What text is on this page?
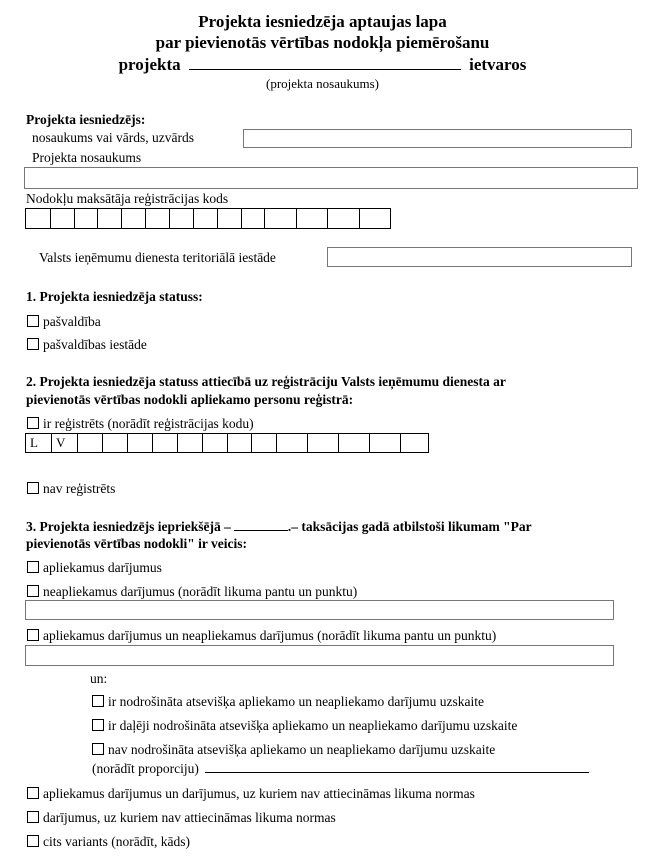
Projekta iesniedzēja aptaujas lapa
par pievienotās vērtības nodokļa piemērošanu
projekta	ietvaros
(projekta nosaukums)
Projekta iesniedzējs:
nosaukums vai vārds, uzvārds
Projekta nosaukums
Nodokļu maksātāja reģistrācijas kods
Valsts ieņēmumu dienesta teritoriālā iestāde
1. Projekta iesniedzēja statuss:
pašvaldība
pašvaldības iestāde
2. Projekta iesniedzēja statuss attiecībā uz reģistrāciju Valsts ieņēmumu dienesta ar
pievienotās vērtības nodokli apliekamo personu reģistrā:
ir reģistrēts (norādīt reģistrācijas kodu)
L	V
nav reģistrēts
3. Projekta iesniedzējs iepriekšējā –	.– taksācijas gadā atbilstoši likumam "Par
pievienotās vērtības nodokli" ir veicis:
apliekamus darījumus
neapliekamus darījumus (norādīt likuma pantu un punktu)
apliekamus darījumus un neapliekamus darījumus (norādīt likuma pantu un punktu)
un:
ir nodrošināta atsevišķa apliekamo un neapliekamo darījumu uzskaite
ir daļēji nodrošināta atsevišķa apliekamo un neapliekamo darījumu uzskaite
nav nodrošināta atsevišķa apliekamo un neapliekamo darījumu uzskaite
(norādīt proporciju)
apliekamus darījumus un darījumus, uz kuriem nav attiecināmas likuma normas
darījumus, uz kuriem nav attiecināmas likuma normas
cits variants (norādīt, kāds)
